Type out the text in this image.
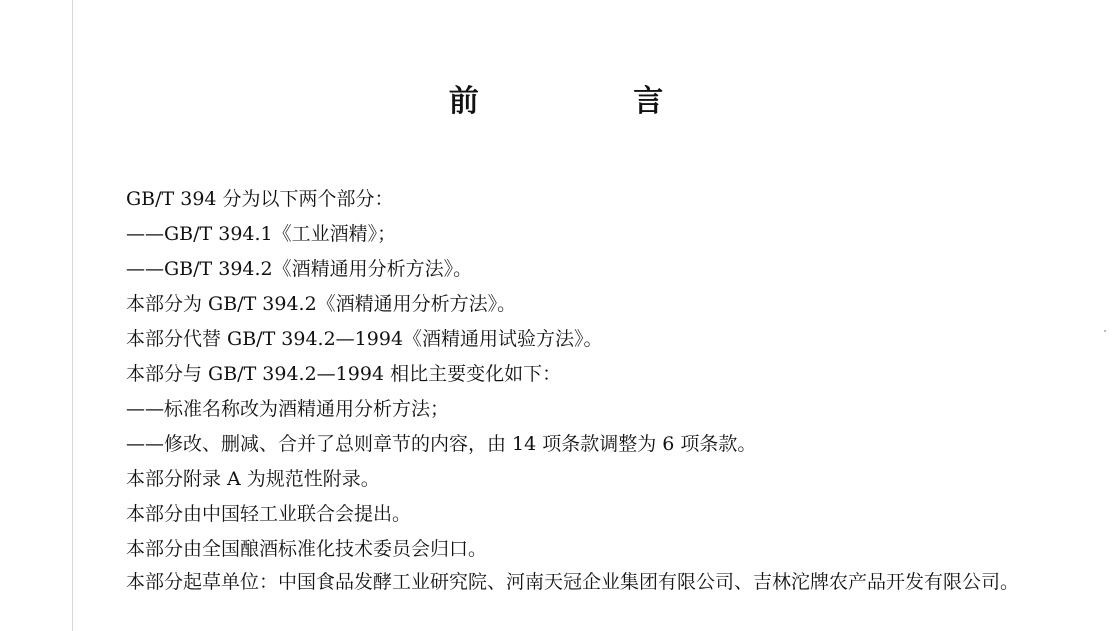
前 言
GB/T 394 分为以下两个部分：
——GB/T 394.1《工业酒精》；
——GB/T 394.2《酒精通用分析方法》。
本部分为 GB/T 394.2《酒精通用分析方法》。
本部分代替 GB/T 394.2—1994《酒精通用试验方法》。
本部分与 GB/T 394.2—1994 相比主要变化如下：
——标准名称改为酒精通用分析方法；
——修改、删减、合并了总则章节的内容，由 14 项条款调整为 6 项条款。
本部分附录 A 为规范性附录。
本部分由中国轻工业联合会提出。
本部分由全国酿酒标准化技术委员会归口。
本部分起草单位：中国食品发酵工业研究院、河南天冠企业集团有限公司、吉林沱牌农产品开发有限公司。
